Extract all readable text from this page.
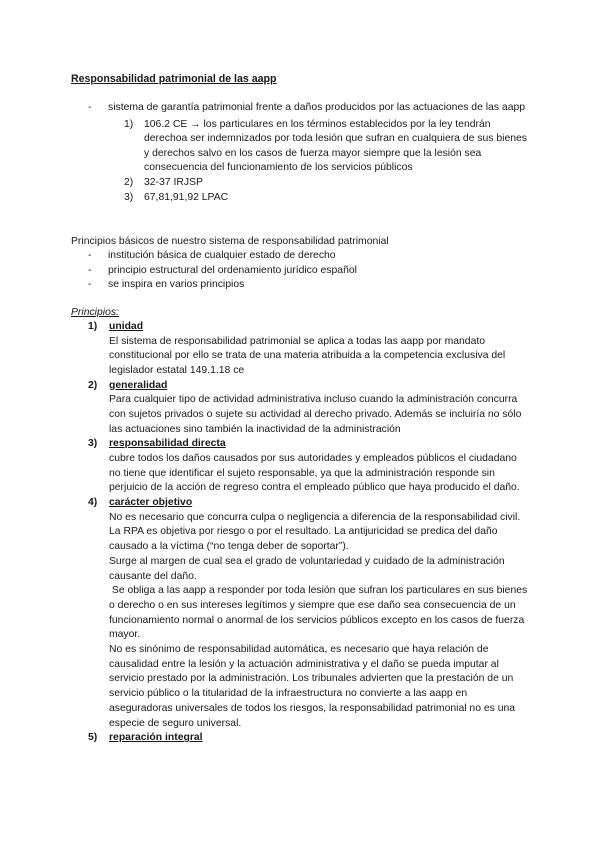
Responsabilidad patrimonial de las aapp
- sistema de garantía patrimonial frente a daños producidos por las actuaciones de las aapp
1) 106.2 CE → los particulares en los términos establecidos por la ley tendrán derechoa ser indemnizados por toda lesión que sufran en cualquiera de sus bienes y derechos salvo en los casos de fuerza mayor siempre que la lesión sea consecuencia del funcionamiento de los servicios públicos
2) 32-37 IRJSP
3) 67,81,91,92 LPAC
Principios básicos de nuestro sistema de responsabilidad patrimonial
- institución básica de cualquier estado de derecho
- principio estructural del ordenamiento jurídico español
- se inspira en varios principios
Principios:
1) unidad

El sistema de responsabilidad patrimonial se aplica a todas las aapp por mandato constitucional por ello se trata de una materia atribuida a la competencia exclusiva del legislador estatal 149.1.18 ce

2) generalidad

Para cualquier tipo de actividad administrativa incluso cuando la administración concurra con sujetos privados o sujete su actividad al derecho privado. Además se incluiría no sólo las actuaciones sino también la inactividad de la administración

3) responsabilidad directa

cubre todos los daños causados por sus autoridades y empleados públicos el ciudadano no tiene que identificar el sujeto responsable, ya que la administración responde sin perjuicio de la acción de regreso contra el empleado público que haya producido el daño.

4) carácter objetivo

No es necesario que concurra culpa o negligencia a diferencia de la responsabilidad civil. La RPA es objetiva por riesgo o por el resultado. La antijuricidad se predica del daño causado a la víctima (“no tenga deber de soportar”).

Surge al margen de cual sea el grado de voluntariedad y cuidado de la administración causante del daño.

Se obliga a las aapp a responder por toda lesión que sufran los particulares en sus bienes o derecho o en sus intereses legítimos y siempre que ese daño sea consecuencia de un funcionamiento normal o anormal de los servicios públicos excepto en los casos de fuerza mayor.

No es sinónimo de responsabilidad automática, es necesario que haya relación de causalidad entre la lesión y la actuación administrativa y el daño se pueda imputar al servicio prestado por la administración. Los tribunales advierten que la prestación de un servicio público o la titularidad de la infraestructura no convierte a las aapp en aseguradoras universales de todos los riesgos, la responsabilidad patrimonial no es una especie de seguro universal.

5) reparación integral
